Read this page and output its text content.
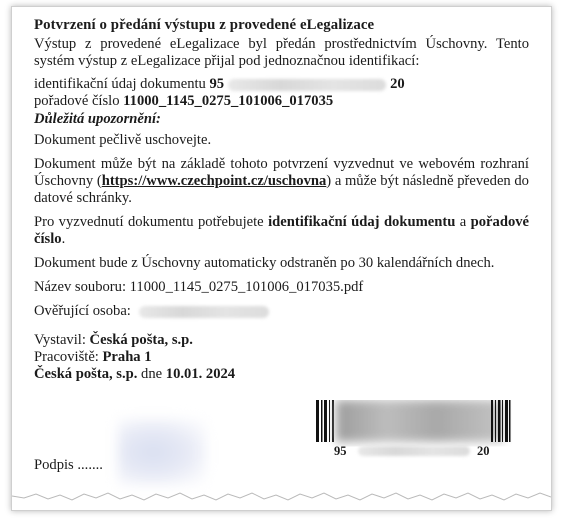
Potvrzení o předání výstupu z provedené eLegalizace

Výstup z provedené eLegalizace byl předán prostřednictvím Úschovny. Tento systém výstup z eLegalizace přijal pod jednoznačnou identifikací:

identifikační údaj dokumentu 95	20

pořadové číslo 11000_1145_0275_101006_017035

Důležitá upozornění:

Dokument pečlivě uschovejte.

Dokument může být na základě tohoto potvrzení vyzvednut ve webovém rozhraní Úschovny (https://www.czechpoint.cz/uschovna) a může být následně převeden do datové schránky.

Pro vyzvednutí dokumentu potřebujete identifikační údaj dokumentu a pořadové číslo.

Dokument bude z Úschovny automaticky odstraněn po 30 kalendářních dnech.

Název souboru: 11000_1145_0275_101006_017035.pdf

Ověřující osoba:

Vystavil: Česká pošta, s.p.

Pracoviště: Praha 1

Česká pošta, s.p. dne 10.01. 2024

95	20
Podpis .......
